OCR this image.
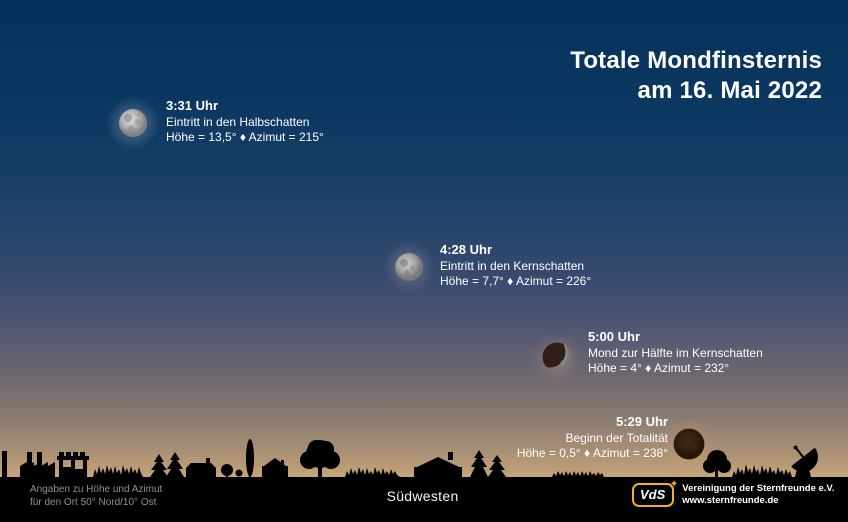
Totale Mondfinsternis
am 16. Mai 2022
3:31 Uhr
Eintritt in den Halbschatten
Höhe = 13,5° ♦ Azimut = 215°
4:28 Uhr
Eintritt in den Kernschatten
Höhe = 7,7° ♦ Azimut = 226°
5:00 Uhr
Mond zur Hälfte im Kernschatten
Höhe = 4° ♦ Azimut = 232°
5:29 Uhr
Beginn der Totalität
Höhe = 0,5° ♦ Azimut = 238°
Angaben zu Höhe und Azimut
für den Ort 50° Nord/10° Ost	Südwesten	VdS
✦ Vereinigung der Sternfreunde e.V.
www.sternfreunde.de
